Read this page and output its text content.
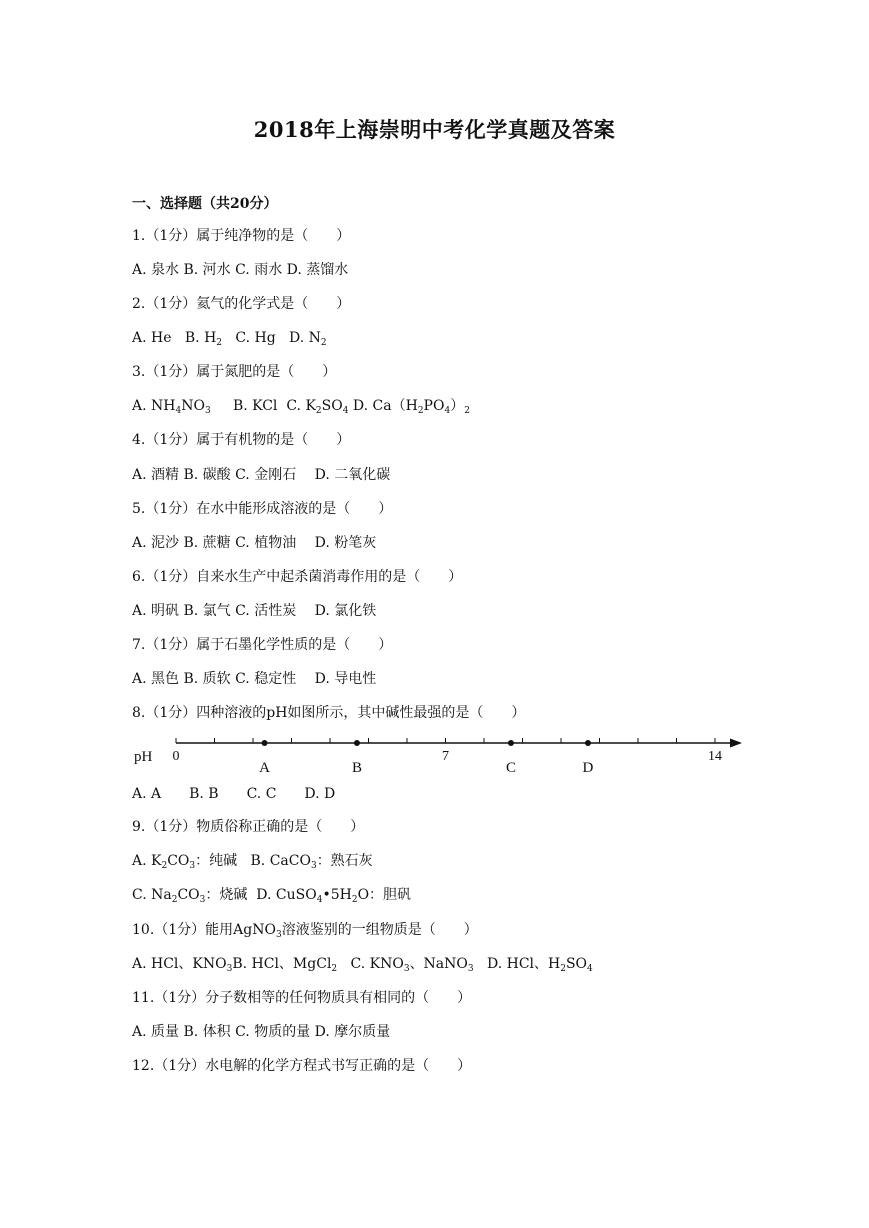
2018年上海崇明中考化学真题及答案
一、选择题（共20分）
1.（1分）属于纯净物的是（　　）
A. 泉水 B. 河水 C. 雨水 D. 蒸馏水
2.（1分）氦气的化学式是（　　）
A. He B. $H_2$ C. Hg D. $N_2$
3.（1分）属于氮肥的是（　　）
A. $NH_4NO_3$ B. KCl C. $K_2SO_4$ D. $Ca(H_2PO_4)_2$
4.（1分）属于有机物的是（　　）
A. 酒精 B. 碳酸 C. 金刚石　 D. 二氧化碳
5.（1分）在水中能形成溶液的是（　　）
A. 泥沙 B. 蔗糖 C. 植物油　 D. 粉笔灰
6.（1分）自来水生产中起杀菌消毒作用的是（　　）
A. 明矾 B. 氯气 C. 活性炭　 D. 氯化铁
7.（1分）属于石墨化学性质的是（　　）
A. 黑色 B. 质软 C. 稳定性　 D. 导电性
8.（1分）四种溶液的pH如图所示，其中碱性最强的是（　　）
pH 0	7	14
A	B	C	D
A. A　　B. B　　C. C　　D. D
9.（1分）物质俗称正确的是（　　）
A. $K_2CO_3$：纯碱 B. CaCO$_3$：熟石灰
C. $Na_2CO_3$：烧碱 D. $CuSO_4•5H_2O$：胆矾
10.（1分）能用AgNO$_3$溶液鉴别的一组物质是（　　）
A. HCl、$KNO_3B$. HCl、MgCl$_2$ C. $KNO_3$、NaNO$_3$ D. HCl、$H_2SO_4$
11.（1分）分子数相等的任何物质具有相同的（　　）
A. 质量 B. 体积 C. 物质的量 D. 摩尔质量
12.（1分）水电解的化学方程式书写正确的是（　　）
